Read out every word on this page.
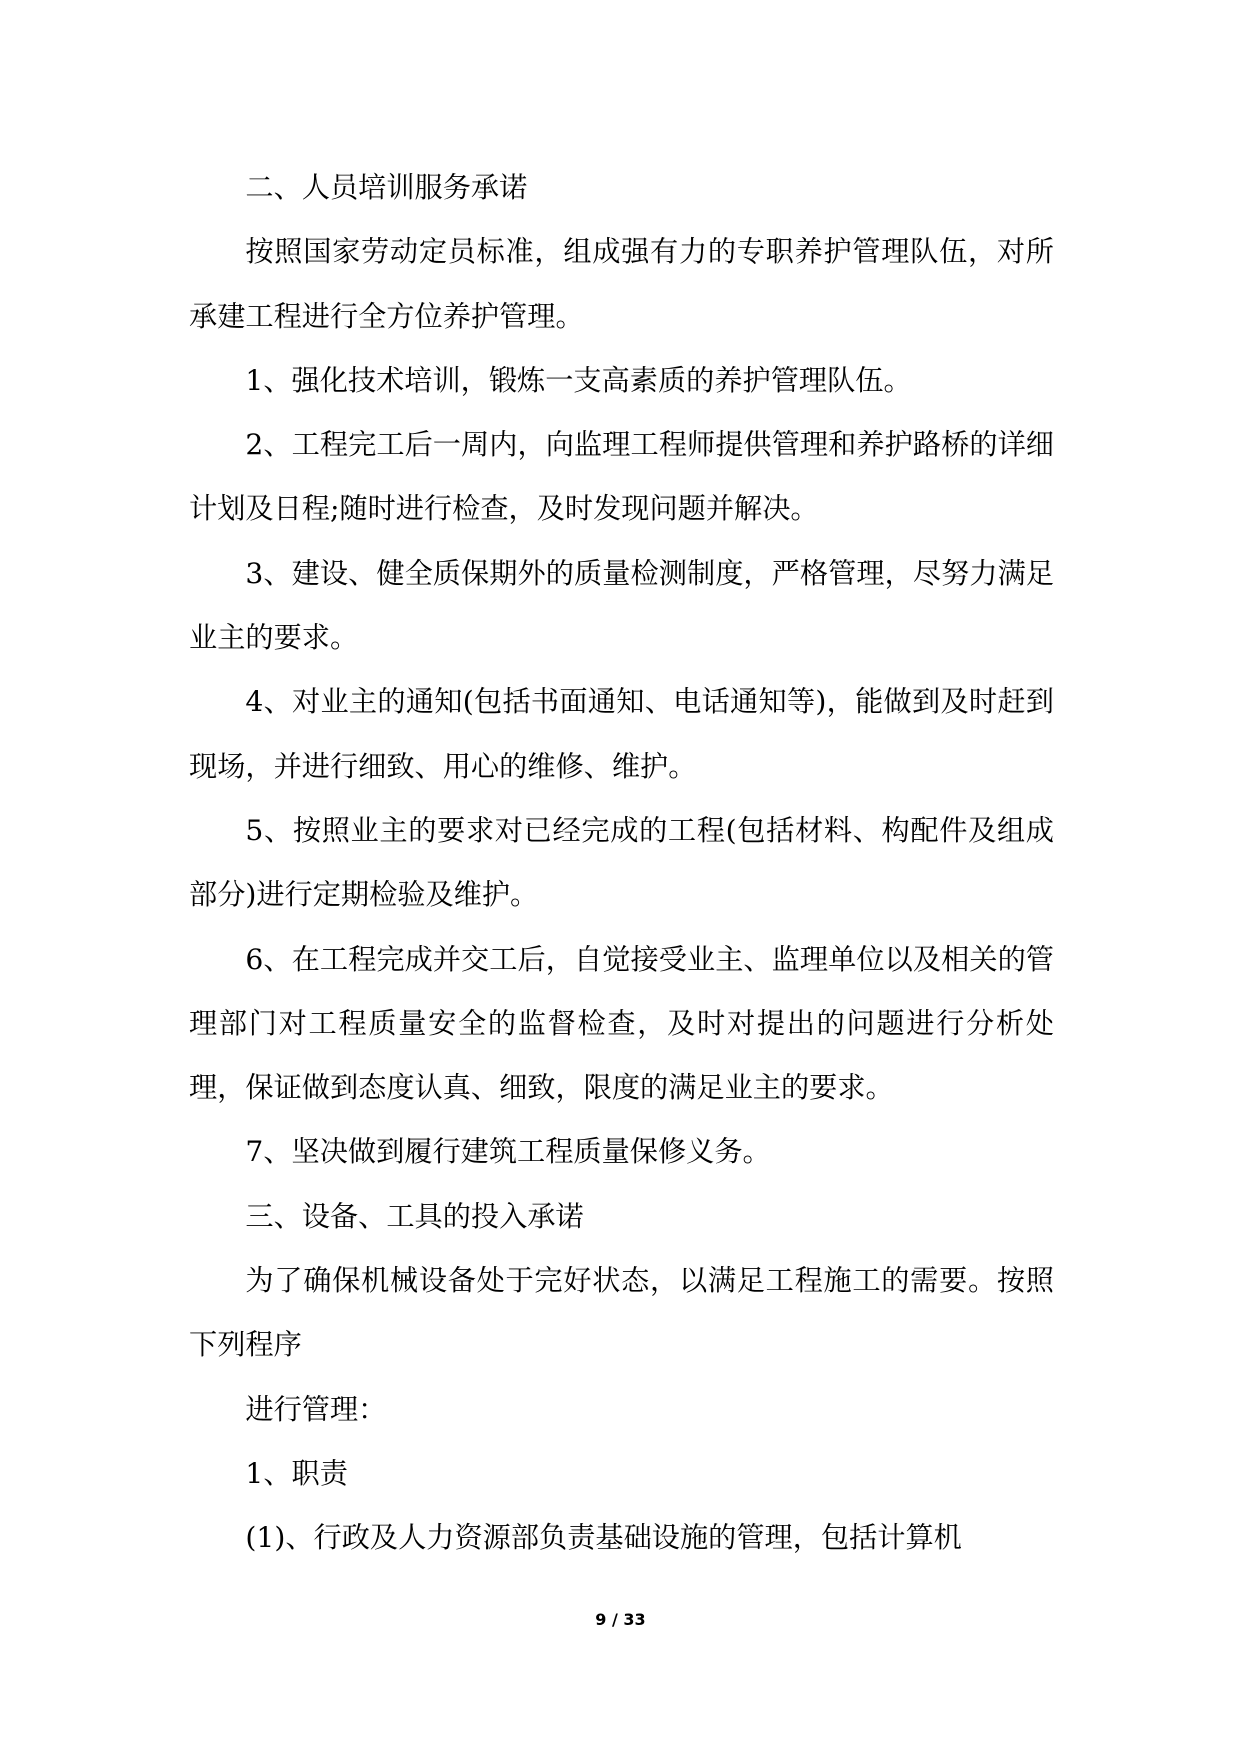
二、人员培训服务承诺

按照国家劳动定员标准，组成强有力的专职养护管理队伍，对所承建工程进行全方位养护管理。

1、强化技术培训，锻炼一支高素质的养护管理队伍。

2、工程完工后一周内，向监理工程师提供管理和养护路桥的详细计划及日程;随时进行检查，及时发现问题并解决。

3、建设、健全质保期外的质量检测制度，严格管理，尽努力满足业主的要求。

4、对业主的通知(包括书面通知、电话通知等)，能做到及时赶到现场，并进行细致、用心的维修、维护。

5、按照业主的要求对已经完成的工程(包括材料、构配件及组成部分)进行定期检验及维护。

6、在工程完成并交工后，自觉接受业主、监理单位以及相关的管理部门对工程质量安全的监督检查，及时对提出的问题进行分析处理，保证做到态度认真、细致，限度的满足业主的要求。

7、坚决做到履行建筑工程质量保修义务。

三、设备、工具的投入承诺

为了确保机械设备处于完好状态，以满足工程施工的需要。按照下列程序

进行管理：

1、职责

(1)、行政及人力资源部负责基础设施的管理，包括计算机

9 / 33
